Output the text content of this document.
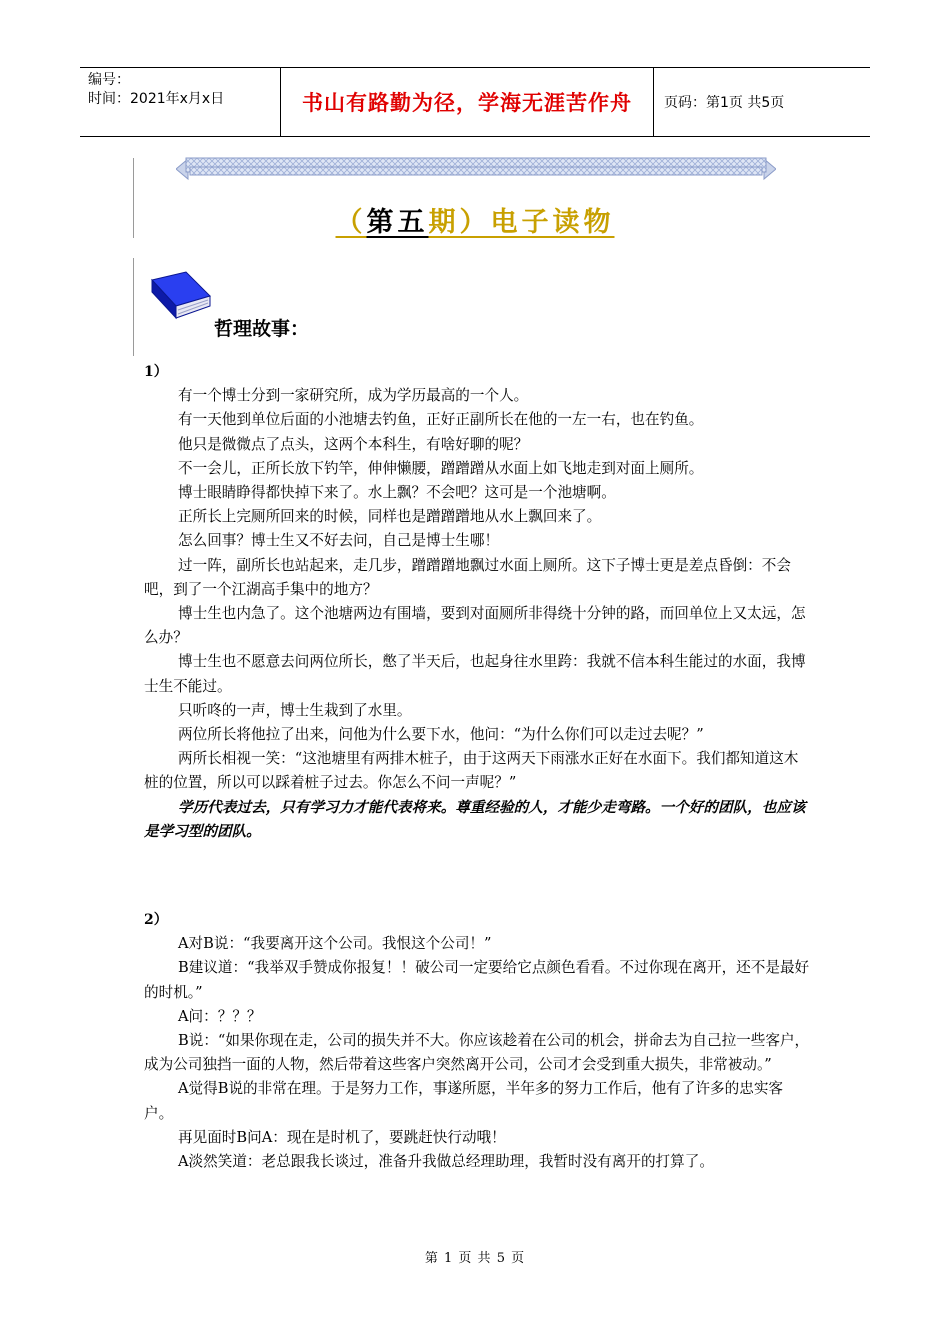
编号：
时间：2021年x月x日	书山有路勤为径，学海无涯苦作舟	页码：第1页 共5页
（第五期）电子读物
哲理故事：
1）

有一个博士分到一家研究所，成为学历最高的一个人。

有一天他到单位后面的小池塘去钓鱼，正好正副所长在他的一左一右，也在钓鱼。

他只是微微点了点头，这两个本科生，有啥好聊的呢？

不一会儿，正所长放下钓竿，伸伸懒腰，蹭蹭蹭从水面上如飞地走到对面上厕所。

博士眼睛睁得都快掉下来了。水上飘？不会吧？这可是一个池塘啊。

正所长上完厕所回来的时候，同样也是蹭蹭蹭地从水上飘回来了。

怎么回事？博士生又不好去问，自己是博士生哪！

过一阵，副所长也站起来，走几步，蹭蹭蹭地飘过水面上厕所。这下子博士更是差点昏倒：不会吧，到了一个江湖高手集中的地方？

博士生也内急了。这个池塘两边有围墙，要到对面厕所非得绕十分钟的路，而回单位上又太远，怎么办？

博士生也不愿意去问两位所长，憋了半天后，也起身往水里跨：我就不信本科生能过的水面，我博士生不能过。

只听咚的一声，博士生栽到了水里。

两位所长将他拉了出来，问他为什么要下水，他问：“为什么你们可以走过去呢？”

两所长相视一笑：“这池塘里有两排木桩子，由于这两天下雨涨水正好在水面下。我们都知道这木桩的位置，所以可以踩着桩子过去。你怎么不问一声呢？”

学历代表过去，只有学习力才能代表将来。尊重经验的人，才能少走弯路。一个好的团队，也应该是学习型的团队。

2）

A对B说：“我要离开这个公司。我恨这个公司！”

B建议道：“我举双手赞成你报复！！破公司一定要给它点颜色看看。不过你现在离开，还不是最好的时机。”

A问：？？？

B说：“如果你现在走，公司的损失并不大。你应该趁着在公司的机会，拼命去为自己拉一些客户，成为公司独挡一面的人物，然后带着这些客户突然离开公司，公司才会受到重大损失，非常被动。”

A觉得B说的非常在理。于是努力工作，事遂所愿，半年多的努力工作后，他有了许多的忠实客户。

再见面时B问A：现在是时机了，要跳赶快行动哦！

A淡然笑道：老总跟我长谈过，准备升我做总经理助理，我暂时没有离开的打算了。

第 1 页 共 5 页
